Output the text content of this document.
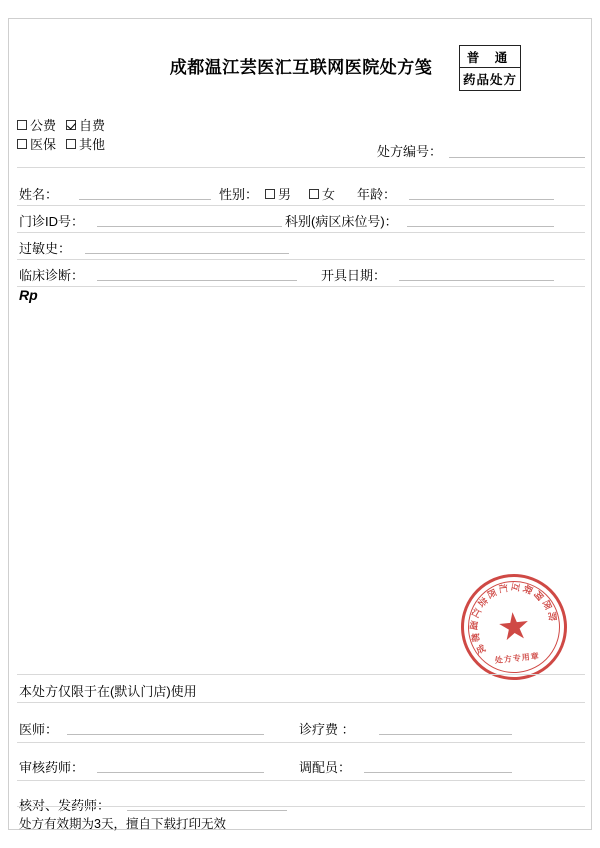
成都温江芸医汇互联网医院处方笺	普 通
药品处方
公费 自费
医保 其他	处方编号：
姓名：	性别： 男 女 年龄：
门诊ID号：	科别(病区床位号)：
过敏史：
临床诊断：	开具日期：
Rp
成
都
温
江
芸
医 汇 互 联
网
医
院
处方专用章
本处方仅限于在(默认门店)使用
医师：	诊疗费 ：
审核药师：	调配员：
核对、发药师：
处方有效期为3天，擅自下载打印无效
